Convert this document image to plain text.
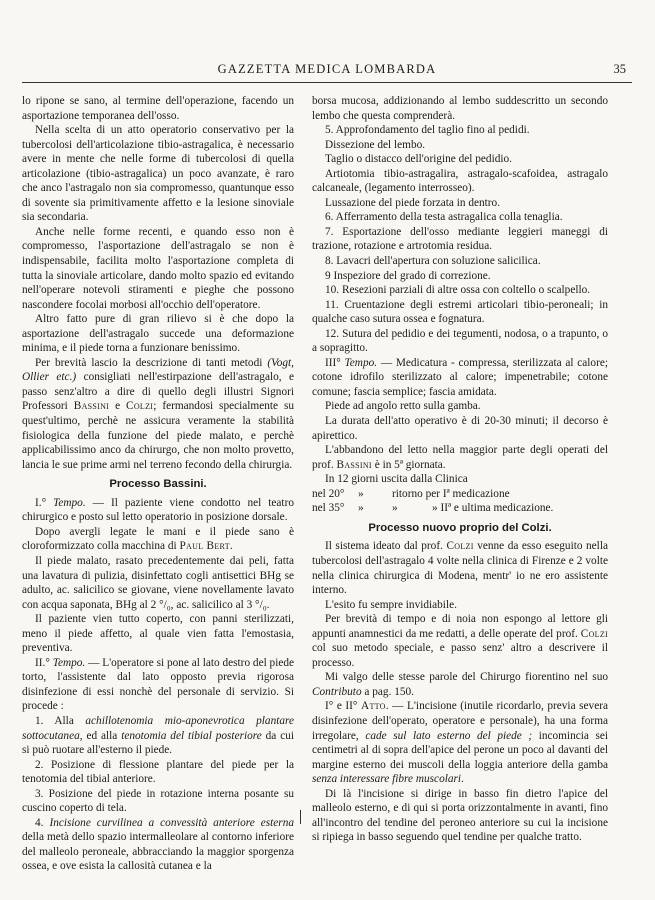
GAZZETTA MEDICA LOMBARDA	35

lo ripone se sano, al termine dell'operazione, facendo un asportazione temporanea dell'osso.

Nella scelta di un atto operatorio conservativo per la tubercolosi dell'articolazione tibio-astragalica, è necessario avere in mente che nelle forme di tubercolosi di quella articolazione (tibio-astragalica) un poco avanzate, è raro che anco l'astragalo non sia compromesso, quantunque esso di sovente sia primitivamente affetto e la lesione sinoviale sia secondaria.

Anche nelle forme recenti, e quando esso non è compromesso, l'asportazione dell'astragalo se non è indispensabile, facilita molto l'asportazione completa di tutta la sinoviale articolare, dando molto spazio ed evitando nell'operare notevoli stiramenti e pieghe che possono nascondere focolai morbosi all'occhio dell'operatore.

Altro fatto pure di gran rilievo si è che dopo la asportazione dell'astragalo succede una deformazione minima, e il piede torna a funzionare benissimo.

Per brevità lascio la descrizione di tanti metodi (Vogt, Ollier etc.) consigliati nell'estirpazione dell'astragalo, e passo senz'altro a dire di quello degli illustri Signori Professori Bassini e Colzi; fermandosi specialmente su quest'ultimo, perchè ne assicura veramente la stabilità fisiologica della funzione del piede malato, e perchè applicabilissimo anco da chirurgo, che non molto provetto, lancia le sue prime armi nel terreno fecondo della chirurgia.

Processo Bassini.

I.° Tempo. — Il paziente viene condotto nel teatro chirurgico e posto sul letto operatorio in posizione dorsale.

Dopo avergli legate le mani e il piede sano è cloroformizzato colla macchina di Paul Bert.

Il piede malato, rasato precedentemente dai peli, fatta una lavatura di pulizia, disinfettato cogli antisettici BHg se adulto, ac. salicilico se giovane, viene novellamente lavato con acqua saponata, BHg al 2 °/₀, ac. salicilico al 3 °/₀.

Il paziente vien tutto coperto, con panni sterilizzati, meno il piede affetto, al quale vien fatta l'emostasia, preventiva.

II.° Tempo. — L'operatore si pone al lato destro del piede torto, l'assistente dal lato opposto previa rigorosa disinfezione di essi nonchè del personale di servizio. Si procede :

1. Alla achillotenomia mio-aponevrotica plantare sottocutanea, ed alla tenotomia del tibial posteriore da cui si può ruotare all'esterno il piede.

2. Posizione di flessione plantare del piede per la tenotomia del tibial anteriore.

3. Posizione del piede in rotazione interna posante su cuscino coperto di tela.

4. Incisione curvilinea a convessità anteriore esterna della metà dello spazio intermalleolare al contorno inferiore del malleolo peroneale, abbracciando la maggior sporgenza ossea, e ove esista la callosità cutanea e la

borsa mucosa, addizionando al lembo suddescritto un secondo lembo che questa comprenderà.

5. Approfondamento del taglio fino al pedidi.

Dissezione del lembo.

Taglio o distacco dell'origine del pedidio.

Artiotomia tibio-astragalira, astragalo-scafoidea, astragalo calcaneale, (legamento interrosseo).

Lussazione del piede forzata in dentro.

6. Afferramento della testa astragalica colla tenaglia.

7. Esportazione dell'osso mediante leggieri maneggi di trazione, rotazione e artrotomia residua.

8. Lavacri dell'apertura con soluzione salicilica.

9 Inspeziore del grado di correzione.

10. Resezioni parziali di altre ossa con coltello o scalpello.

11. Cruentazione degli estremi articolari tibio-peroneali; in qualche caso sutura ossea e fognatura.

12. Sutura del pedidio e dei tegumenti, nodosa, o a trapunto, o a sopragitto.

III° Tempo. — Medicatura - compressa, sterilizzata al calore; cotone idrofilo sterilizzato al calore; impenetrabile; cotone comune; fascia semplice; fascia amidata.

Piede ad angolo retto sulla gamba.

La durata dell'atto operativo è di 20-30 minuti; il decorso è apirettico.

L'abbandono del letto nella maggior parte degli operati del prof. Bassini è in 5ª giornata.

In 12 giorni uscita dalla Clinica

nel 20°	»	ritorno per Iª medicazione	
nel 35°	»	»	» IIª e ultima medicazione.

Processo nuovo proprio del Colzi.

Il sistema ideato dal prof. Colzi venne da esso eseguito nella tubercolosi dell'astragalo 4 volte nella clinica di Firenze e 2 volte nella clinica chirurgica di Modena, mentr' io ne ero assistente interno.

L'esito fu sempre invidiabile.

Per brevità di tempo e di noia non espongo al lettore gli appunti anamnestici da me redatti, a delle operate del prof. Colzi col suo metodo speciale, e passo senz' altro a descrivere il processo.

Mi valgo delle stesse parole del Chirurgo fiorentino nel suo Contributo a pag. 150.

I° e II° Atto. — L'incisione (inutile ricordarlo, previa severa disinfezione dell'operato, operatore e personale), ha una forma irregolare, cade sul lato esterno del piede ; incomincia sei centimetri al di sopra dell'apice del perone un poco al davanti del margine esterno dei muscoli della loggia anteriore della gamba senza interessare fibre muscolari.

Di là l'incisione si dirige in basso fin dietro l'apice del malleolo esterno, e di qui si porta orizzontalmente in avanti, fino all'incontro del tendine del peroneo anteriore su cui la incisione si ripiega in basso seguendo quel tendine per qualche tratto.
